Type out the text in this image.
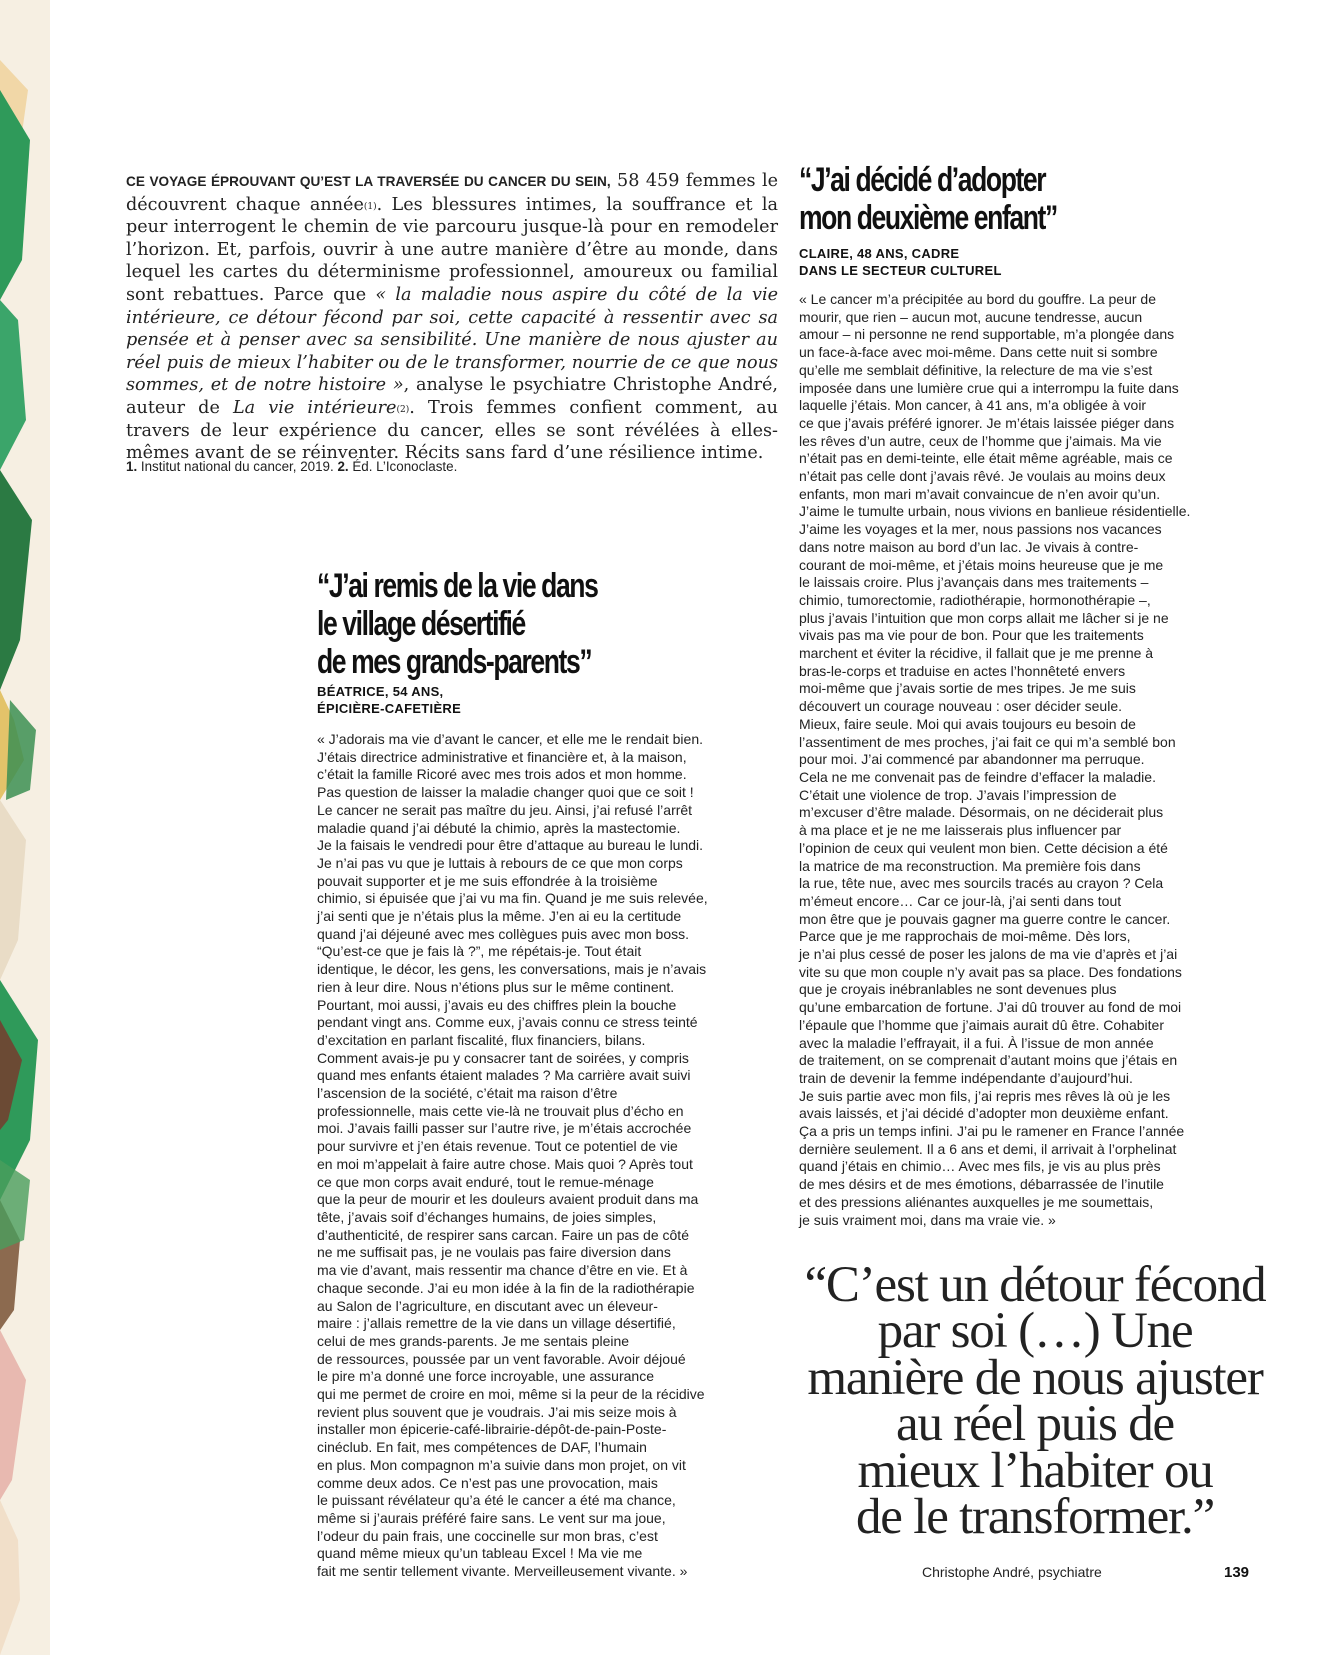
CE VOYAGE ÉPROUVANT QU’EST LA TRAVERSÉE DU CANCER DU SEIN, 58 459 femmes le découvrent chaque année$^{(1)}$. Les blessures intimes, la souffrance et la peur interrogent le chemin de vie parcouru jusque-là pour en remodeler l’horizon. Et, parfois, ouvrir à une autre manière d’être au monde, dans lequel les cartes du déterminisme professionnel, amoureux ou familial sont rebattues. Parce que « la maladie nous aspire du côté de la vie intérieure, ce détour fécond par soi, cette capacité à ressentir avec sa pensée et à penser avec sa sensibilité. Une manière de nous ajuster au réel puis de mieux l’habiter ou de le transformer, nourrie de ce que nous sommes, et de notre histoire », analyse le psychiatre Christophe André, auteur de La vie intérieure$^{(2)}$. Trois femmes confient comment, au travers de leur expérience du cancer, elles se sont révélées à elles-mêmes avant de se réinventer. Récits sans fard d’une résilience intime.

1. Institut national du cancer, 2019. 2. Éd. L’Iconoclaste.

“J’ai décidé d’adopter
mon deuxième enfant”
CLAIRE, 48 ANS, CADRE
DANS LE SECTEUR CULTUREL
« Le cancer m’a précipitée au bord du gouffre. La peur de
mourir, que rien – aucun mot, aucune tendresse, aucun
amour – ni personne ne rend supportable, m’a plongée dans
un face-à-face avec moi-même. Dans cette nuit si sombre
qu’elle me semblait définitive, la relecture de ma vie s’est
imposée dans une lumière crue qui a interrompu la fuite dans
laquelle j’étais. Mon cancer, à 41 ans, m’a obligée à voir
ce que j’avais préféré ignorer. Je m’étais laissée piéger dans
les rêves d’un autre, ceux de l’homme que j’aimais. Ma vie
n’était pas en demi-teinte, elle était même agréable, mais ce
n’était pas celle dont j’avais rêvé. Je voulais au moins deux
enfants, mon mari m’avait convaincue de n’en avoir qu’un.
J’aime le tumulte urbain, nous vivions en banlieue résidentielle.
J’aime les voyages et la mer, nous passions nos vacances
dans notre maison au bord d’un lac. Je vivais à contre-
courant de moi-même, et j’étais moins heureuse que je me
le laissais croire. Plus j’avançais dans mes traitements –
chimio, tumorectomie, radiothérapie, hormonothérapie –,
plus j’avais l’intuition que mon corps allait me lâcher si je ne
vivais pas ma vie pour de bon. Pour que les traitements
marchent et éviter la récidive, il fallait que je me prenne à
bras-le-corps et traduise en actes l’honnêteté envers
moi-même que j’avais sortie de mes tripes. Je me suis
découvert un courage nouveau : oser décider seule.
Mieux, faire seule. Moi qui avais toujours eu besoin de
l’assentiment de mes proches, j’ai fait ce qui m’a semblé bon
pour moi. J’ai commencé par abandonner ma perruque.
Cela ne me convenait pas de feindre d’effacer la maladie.
C’était une violence de trop. J’avais l’impression de
m’excuser d’être malade. Désormais, on ne déciderait plus
à ma place et je ne me laisserais plus influencer par
l’opinion de ceux qui veulent mon bien. Cette décision a été
la matrice de ma reconstruction. Ma première fois dans
la rue, tête nue, avec mes sourcils tracés au crayon ? Cela
m’émeut encore… Car ce jour-là, j’ai senti dans tout
mon être que je pouvais gagner ma guerre contre le cancer.
Parce que je me rapprochais de moi-même. Dès lors,
je n’ai plus cessé de poser les jalons de ma vie d’après et j’ai
vite su que mon couple n’y avait pas sa place. Des fondations
que je croyais inébranlables ne sont devenues plus
qu’une embarcation de fortune. J’ai dû trouver au fond de moi
l’épaule que l’homme que j’aimais aurait dû être. Cohabiter
avec la maladie l’effrayait, il a fui. À l’issue de mon année
de traitement, on se comprenait d’autant moins que j’étais en
train de devenir la femme indépendante d’aujourd’hui.
Je suis partie avec mon fils, j’ai repris mes rêves là où je les
avais laissés, et j’ai décidé d’adopter mon deuxième enfant.
Ça a pris un temps infini. J’ai pu le ramener en France l’année
dernière seulement. Il a 6 ans et demi, il arrivait à l’orphelinat
quand j’étais en chimio… Avec mes fils, je vis au plus près
de mes désirs et de mes émotions, débarrassée de l’inutile
et des pressions aliénantes auxquelles je me soumettais,
je suis vraiment moi, dans ma vraie vie. »
“J’ai remis de la vie dans
le village désertifié
de mes grands-parents”
BÉATRICE, 54 ANS,
ÉPICIÈRE-CAFETIÈRE
« J’adorais ma vie d’avant le cancer, et elle me le rendait bien.
J’étais directrice administrative et financière et, à la maison,
c’était la famille Ricoré avec mes trois ados et mon homme.
Pas question de laisser la maladie changer quoi que ce soit !
Le cancer ne serait pas maître du jeu. Ainsi, j’ai refusé l’arrêt
maladie quand j’ai débuté la chimio, après la mastectomie.
Je la faisais le vendredi pour être d’attaque au bureau le lundi.
Je n’ai pas vu que je luttais à rebours de ce que mon corps
pouvait supporter et je me suis effondrée à la troisième
chimio, si épuisée que j’ai vu ma fin. Quand je me suis relevée,
j’ai senti que je n’étais plus la même. J’en ai eu la certitude
quand j’ai déjeuné avec mes collègues puis avec mon boss.
“Qu’est-ce que je fais là ?”, me répétais-je. Tout était
identique, le décor, les gens, les conversations, mais je n’avais
rien à leur dire. Nous n’étions plus sur le même continent.
Pourtant, moi aussi, j’avais eu des chiffres plein la bouche
pendant vingt ans. Comme eux, j’avais connu ce stress teinté
d’excitation en parlant fiscalité, flux financiers, bilans.
Comment avais-je pu y consacrer tant de soirées, y compris
quand mes enfants étaient malades ? Ma carrière avait suivi
l’ascension de la société, c’était ma raison d’être
professionnelle, mais cette vie-là ne trouvait plus d’écho en
moi. J’avais failli passer sur l’autre rive, je m’étais accrochée
pour survivre et j’en étais revenue. Tout ce potentiel de vie
en moi m’appelait à faire autre chose. Mais quoi ? Après tout
ce que mon corps avait enduré, tout le remue-ménage
que la peur de mourir et les douleurs avaient produit dans ma
tête, j’avais soif d’échanges humains, de joies simples,
d’authenticité, de respirer sans carcan. Faire un pas de côté
ne me suffisait pas, je ne voulais pas faire diversion dans
ma vie d’avant, mais ressentir ma chance d’être en vie. Et à
chaque seconde. J’ai eu mon idée à la fin de la radiothérapie
au Salon de l’agriculture, en discutant avec un éleveur-
maire : j’allais remettre de la vie dans un village désertifié,
celui de mes grands-parents. Je me sentais pleine
de ressources, poussée par un vent favorable. Avoir déjoué
le pire m’a donné une force incroyable, une assurance
qui me permet de croire en moi, même si la peur de la récidive
revient plus souvent que je voudrais. J’ai mis seize mois à
installer mon épicerie-café-librairie-dépôt-de-pain-Poste-
cinéclub. En fait, mes compétences de DAF, l’humain
en plus. Mon compagnon m’a suivie dans mon projet, on vit
comme deux ados. Ce n’est pas une provocation, mais
le puissant révélateur qu’a été le cancer a été ma chance,
même si j’aurais préféré faire sans. Le vent sur ma joue,
l’odeur du pain frais, une coccinelle sur mon bras, c’est
quand même mieux qu’un tableau Excel ! Ma vie me
fait me sentir tellement vivante. Merveilleusement vivante. »
“C’est un détour fécond
par soi (…) Une
manière de nous ajuster
au réel puis de
mieux l’habiter ou
de le transformer.”

Christophe André, psychiatre	139
